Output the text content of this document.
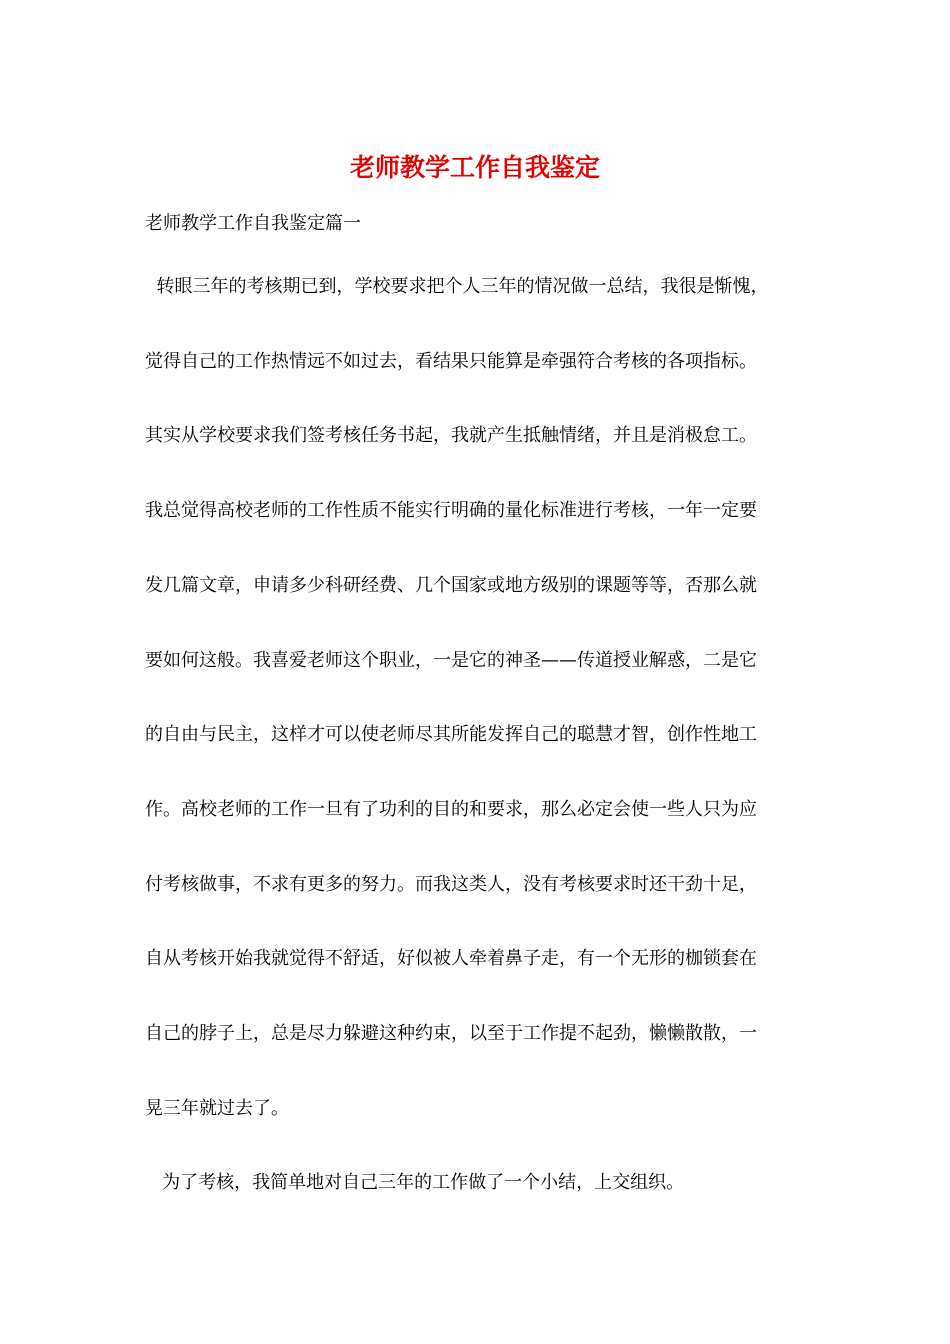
老师教学工作自我鉴定
老师教学工作自我鉴定篇一
转眼三年的考核期已到，学校要求把个人三年的情况做一总结，我很是惭愧，
觉得自己的工作热情远不如过去，看结果只能算是牵强符合考核的各项指标。
其实从学校要求我们签考核任务书起，我就产生抵触情绪，并且是消极怠工。
我总觉得高校老师的工作性质不能实行明确的量化标准进行考核，一年一定要
发几篇文章，申请多少科研经费、几个国家或地方级别的课题等等，否那么就
要如何这般。我喜爱老师这个职业，一是它的神圣——传道授业解惑，二是它
的自由与民主，这样才可以使老师尽其所能发挥自己的聪慧才智，创作性地工
作。高校老师的工作一旦有了功利的目的和要求，那么必定会使一些人只为应
付考核做事，不求有更多的努力。而我这类人，没有考核要求时还干劲十足，
自从考核开始我就觉得不舒适，好似被人牵着鼻子走，有一个无形的枷锁套在
自己的脖子上，总是尽力躲避这种约束，以至于工作提不起劲，懒懒散散，一
晃三年就过去了。
为了考核，我简单地对自己三年的工作做了一个小结，上交组织。
